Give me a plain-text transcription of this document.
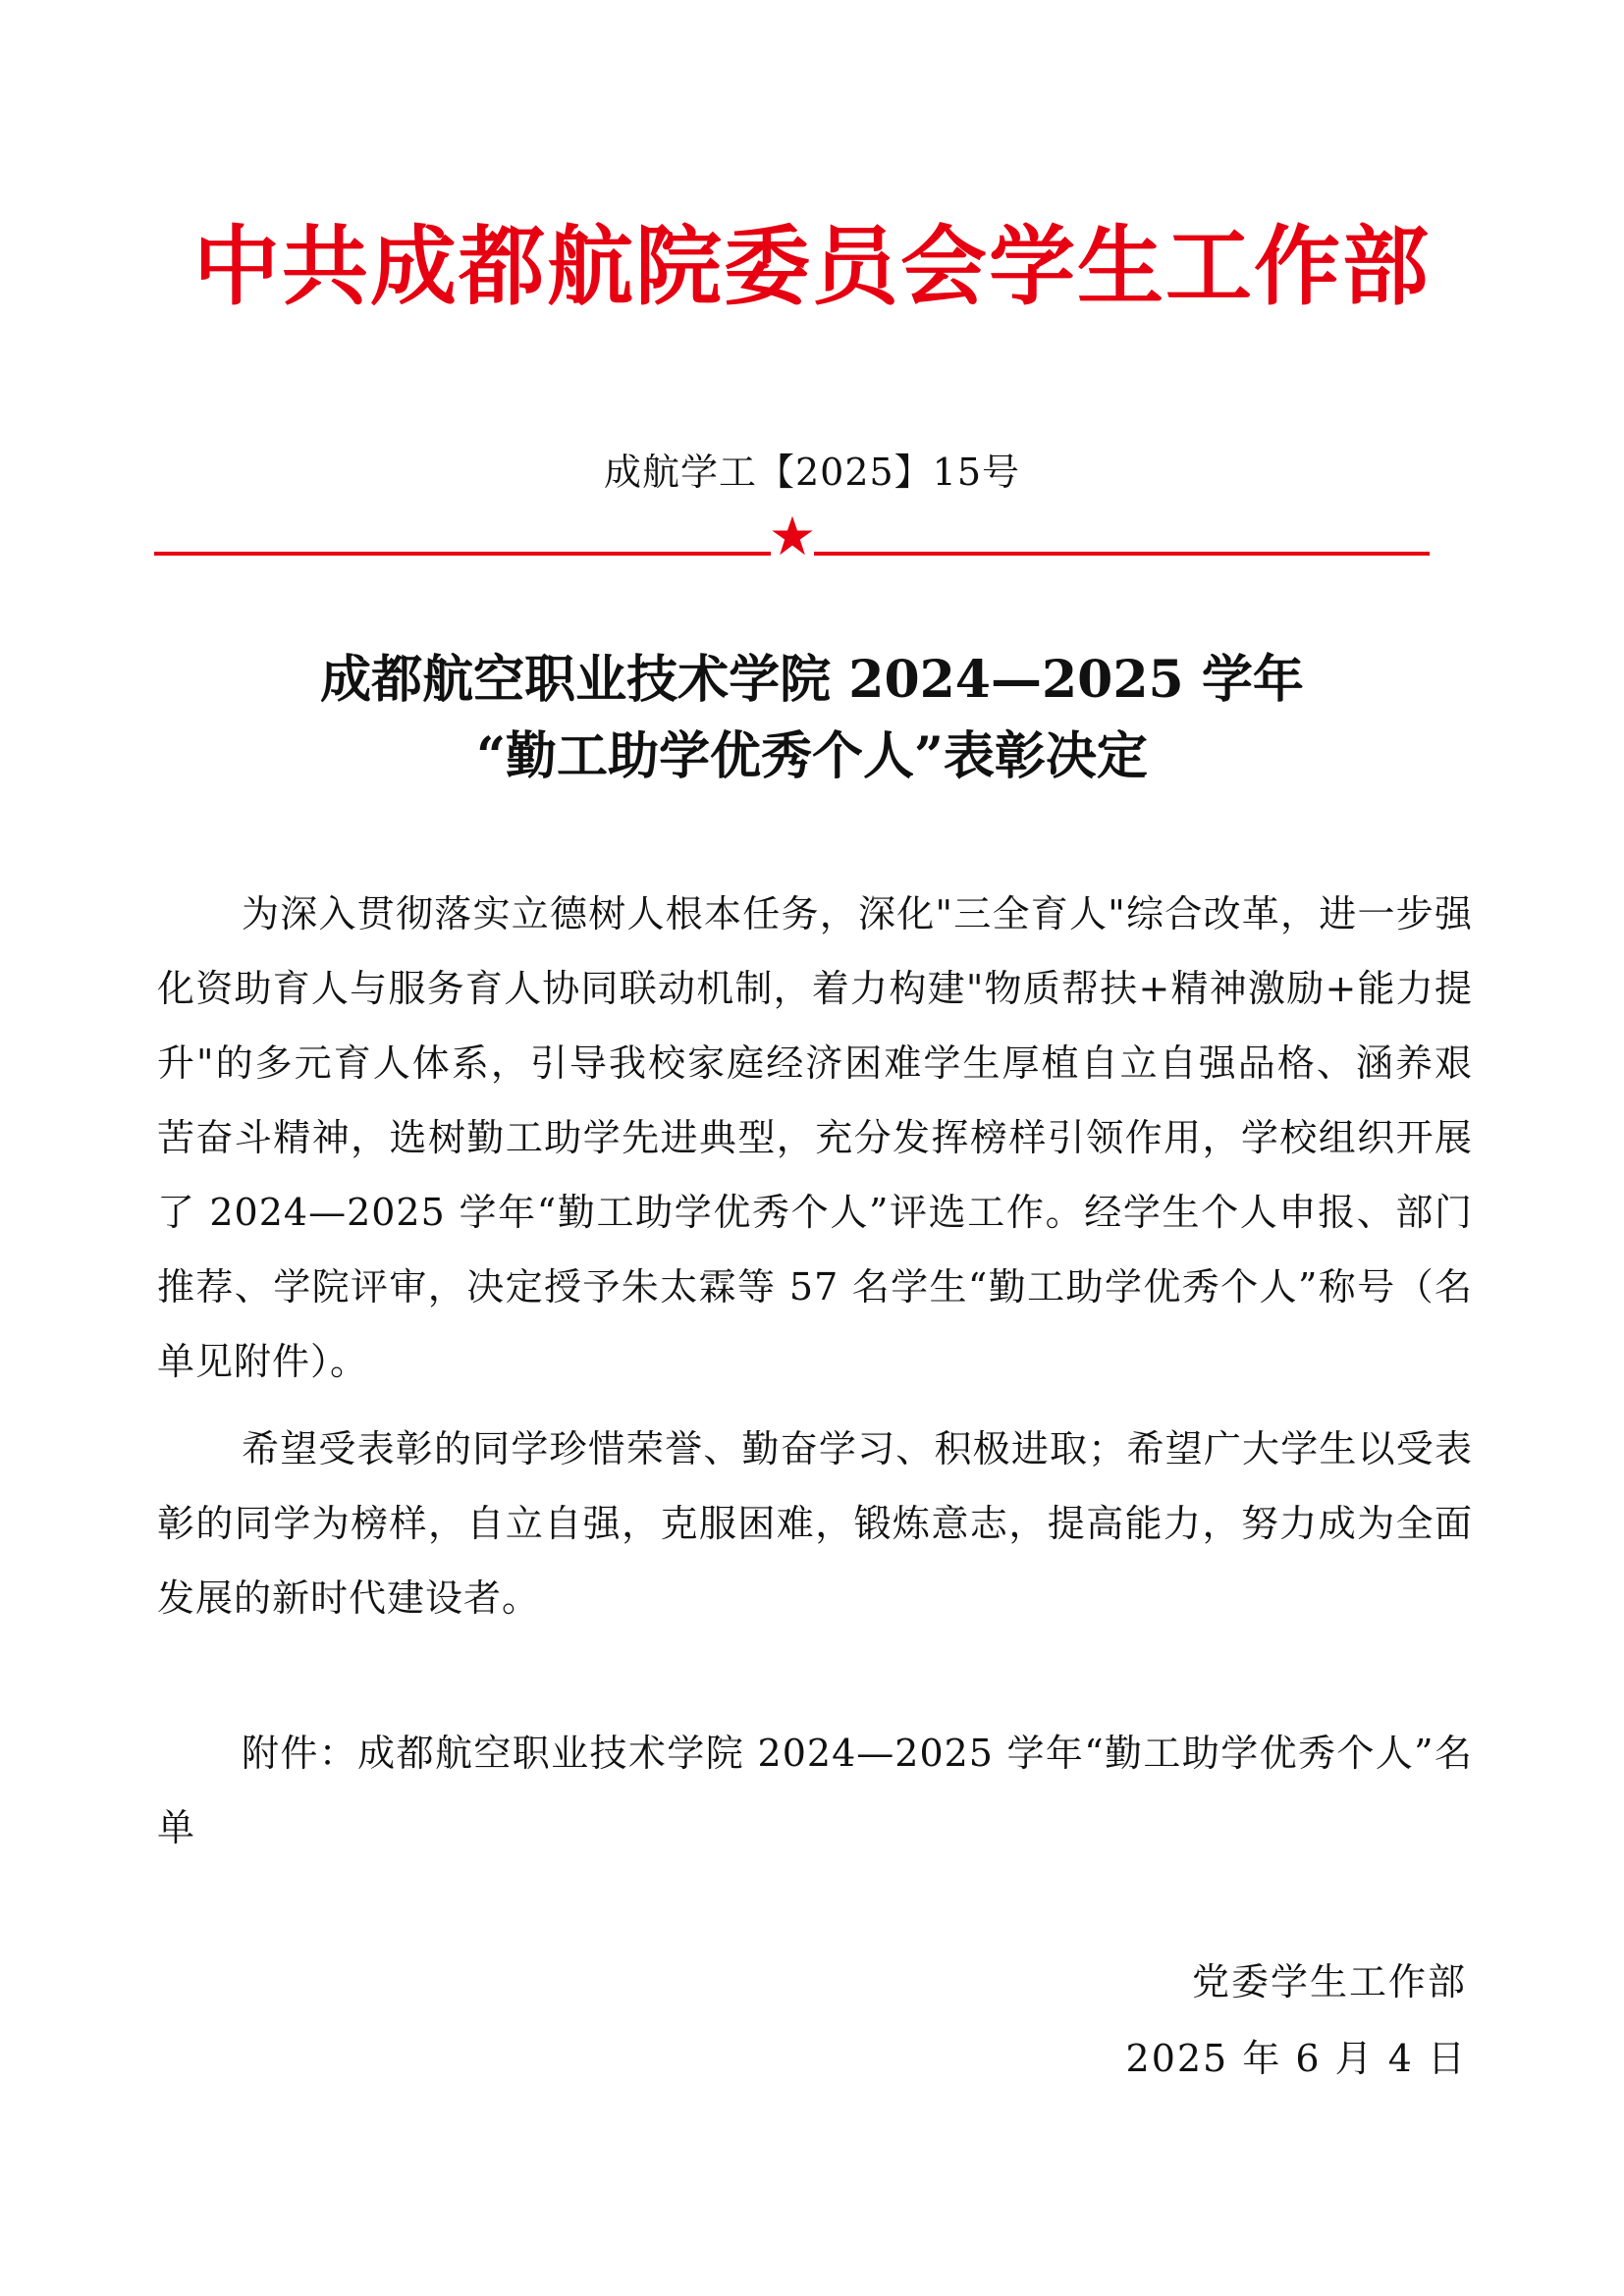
中共成都航院委员会学生工作部
成航学工【2025】15号
成都航空职业技术学院 2024—2025 学年
“勤工助学优秀个人”表彰决定

为深入贯彻落实立德树人根本任务，深化"三全育人"综合改革，进一步强化资助育人与服务育人协同联动机制，着力构建"物质帮扶+精神激励+能力提升"的多元育人体系，引导我校家庭经济困难学生厚植自立自强品格、涵养艰苦奋斗精神，选树勤工助学先进典型，充分发挥榜样引领作用，学校组织开展了 2024—2025 学年“勤工助学优秀个人”评选工作。经学生个人申报、部门推荐、学院评审，决定授予朱太霖等 57 名学生“勤工助学优秀个人”称号（名单见附件）。

希望受表彰的同学珍惜荣誉、勤奋学习、积极进取；希望广大学生以受表彰的同学为榜样，自立自强，克服困难，锻炼意志，提高能力，努力成为全面发展的新时代建设者。

附件：成都航空职业技术学院 2024—2025 学年“勤工助学优秀个人”名单

党委学生工作部
2025 年 6 月 4 日
